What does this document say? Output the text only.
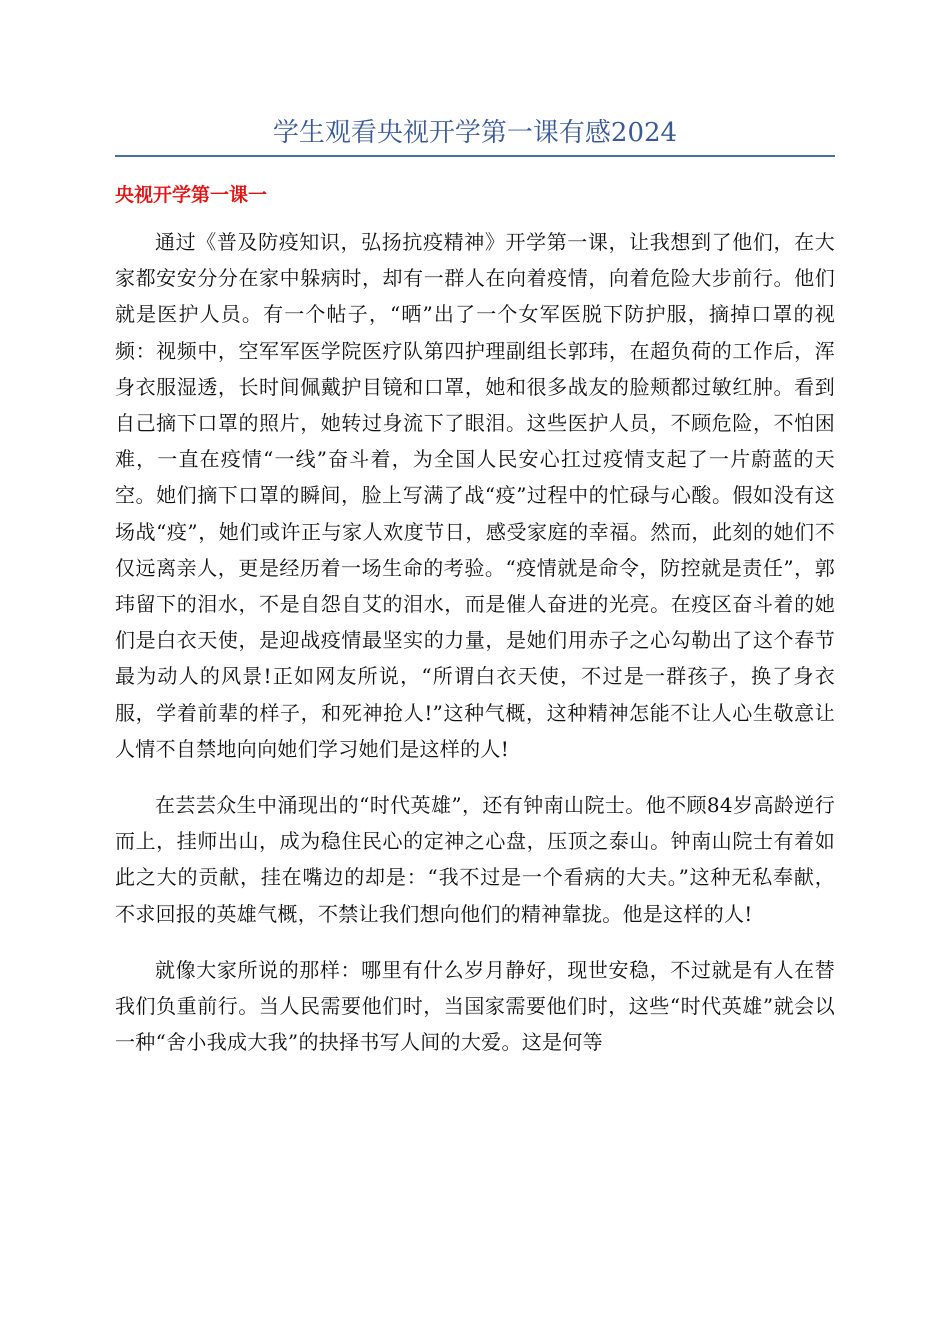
学生观看央视开学第一课有感2024
央视开学第一课一

通过《普及防疫知识，弘扬抗疫精神》开学第一课，让我想到了他们，在大家都安安分分在家中躲病时，却有一群人在向着疫情，向着危险大步前行。他们就是医护人员。有一个帖子，“晒”出了一个女军医脱下防护服，摘掉口罩的视频：视频中，空军军医学院医疗队第四护理副组长郭玮，在超负荷的工作后，浑身衣服湿透，长时间佩戴护目镜和口罩，她和很多战友的脸颊都过敏红肿。看到自己摘下口罩的照片，她转过身流下了眼泪。这些医护人员，不顾危险，不怕困难，一直在疫情“一线”奋斗着，为全国人民安心扛过疫情支起了一片蔚蓝的天空。她们摘下口罩的瞬间，脸上写满了战“疫”过程中的忙碌与心酸。假如没有这场战“疫”，她们或许正与家人欢度节日，感受家庭的幸福。然而，此刻的她们不仅远离亲人，更是经历着一场生命的考验。“疫情就是命令，防控就是责任”，郭玮留下的泪水，不是自怨自艾的泪水，而是催人奋进的光亮。在疫区奋斗着的她们是白衣天使，是迎战疫情最坚实的力量，是她们用赤子之心勾勒出了这个春节最为动人的风景!正如网友所说，“所谓白衣天使，不过是一群孩子，换了身衣服，学着前辈的样子，和死神抢人!”这种气概，这种精神怎能不让人心生敬意让人情不自禁地向向她们学习她们是这样的人!

在芸芸众生中涌现出的“时代英雄”，还有钟南山院士。他不顾84岁高龄逆行而上，挂师出山，成为稳住民心的定神之心盘，压顶之泰山。钟南山院士有着如此之大的贡献，挂在嘴边的却是：“我不过是一个看病的大夫。”这种无私奉献，不求回报的英雄气概，不禁让我们想向他们的精神靠拢。他是这样的人!

就像大家所说的那样：哪里有什么岁月静好，现世安稳，不过就是有人在替我们负重前行。当人民需要他们时，当国家需要他们时，这些“时代英雄”就会以一种“舍小我成大我”的抉择书写人间的大爱。这是何等
